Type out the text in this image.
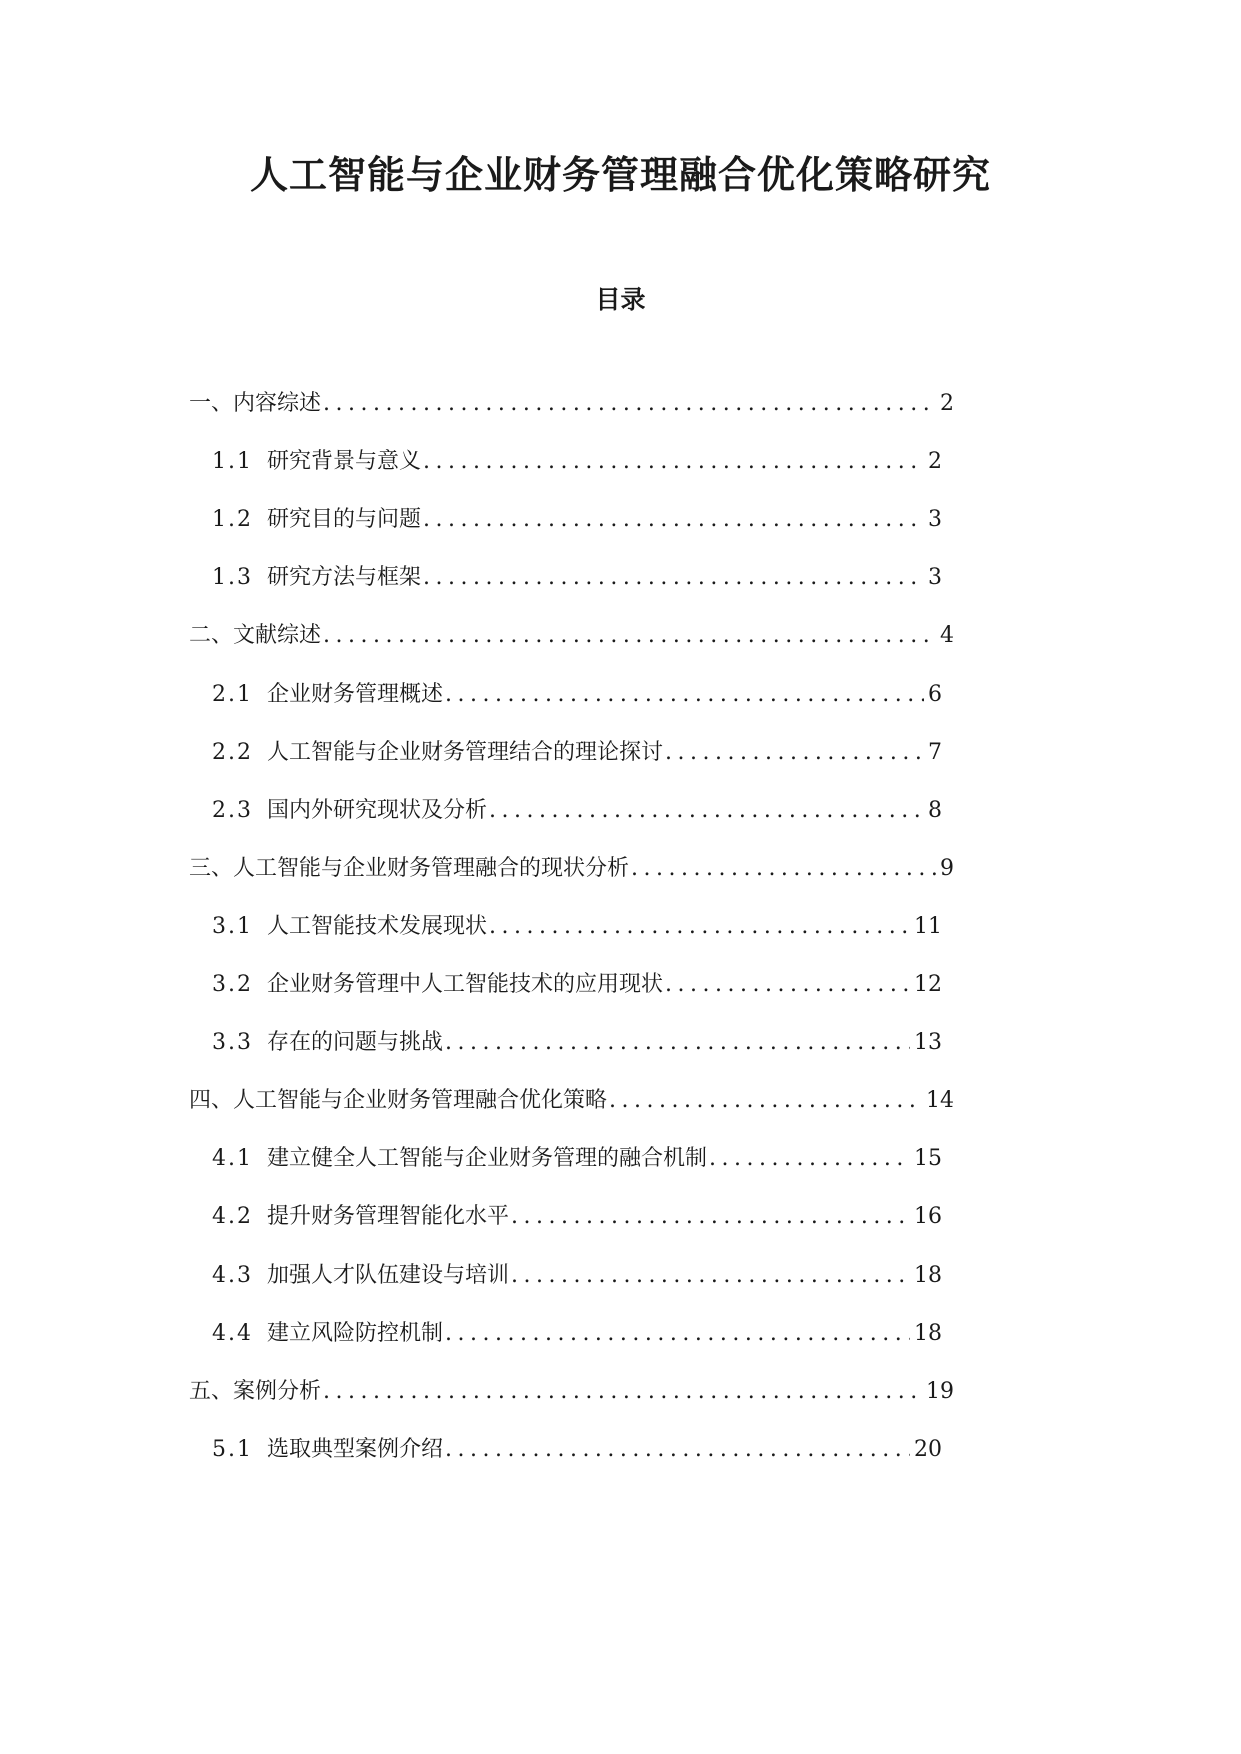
人工智能与企业财务管理融合优化策略研究
目录
一、内容综述 .....	2
1.1 研究背景与意义 .....	2
1.2 研究目的与问题 .....	3
1.3 研究方法与框架 .....	3
二、文献综述 .....	4
2.1 企业财务管理概述 .....	6
2.2 人工智能与企业财务管理结合的理论探讨 .....	7
2.3 国内外研究现状及分析 .....	8
三、人工智能与企业财务管理融合的现状分析 .....	9
3.1 人工智能技术发展现状 .....	11
3.2 企业财务管理中人工智能技术的应用现状 .....	12
3.3 存在的问题与挑战 .....	13
四、人工智能与企业财务管理融合优化策略 .....	14
4.1 建立健全人工智能与企业财务管理的融合机制 .....	15
4.2 提升财务管理智能化水平 .....	16
4.3 加强人才队伍建设与培训 .....	18
4.4 建立风险防控机制 .....	18
五、案例分析 .....	19
5.1 选取典型案例介绍 .....	20
